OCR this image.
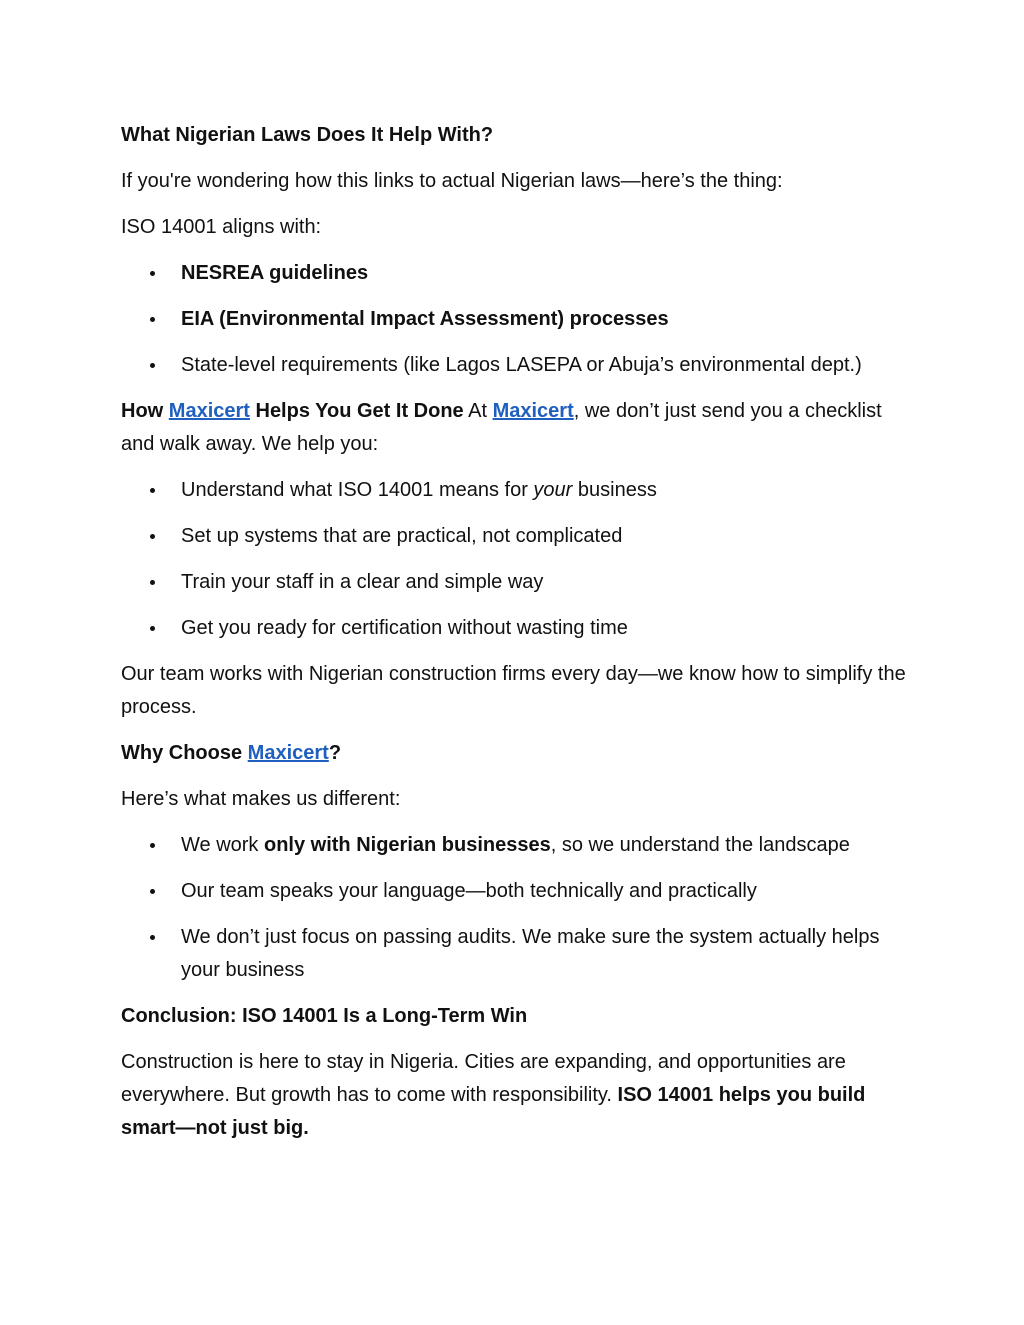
What Nigerian Laws Does It Help With?

If you're wondering how this links to actual Nigerian laws—here’s the thing:

ISO 14001 aligns with:

NESREA guidelines
EIA (Environmental Impact Assessment) processes
State-level requirements (like Lagos LASEPA or Abuja’s environmental dept.)

How Maxicert Helps You Get It Done At Maxicert, we don’t just send you a checklist and walk away. We help you:

Understand what ISO 14001 means for your business
Set up systems that are practical, not complicated
Train your staff in a clear and simple way
Get you ready for certification without wasting time

Our team works with Nigerian construction firms every day—we know how to simplify the process.

Why Choose Maxicert?

Here’s what makes us different:

We work only with Nigerian businesses, so we understand the landscape
Our team speaks your language—both technically and practically
We don’t just focus on passing audits. We make sure the system actually helps your business

Conclusion: ISO 14001 Is a Long-Term Win

Construction is here to stay in Nigeria. Cities are expanding, and opportunities are everywhere. But growth has to come with responsibility. ISO 14001 helps you build smart—not just big.
